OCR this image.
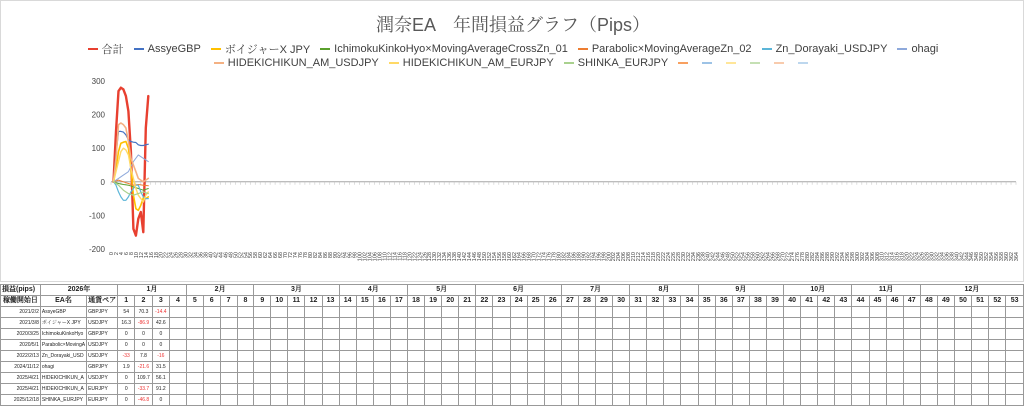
潤奈EA　年間損益グラフ（Pips）
合計 AssyeGBP ボイジャーX JPY IchimokuKinkoHyo×MovingAverageCrossZn_01 Parabolic×MovingAverageZn_02 Zn_Dorayaki_USDJPY ohagi
HIDEKICHIKUN_AM_USDJPY HIDEKICHIKUN_AM_EURJPY SHINKA_EURJPY
300
200
100
0
-100
-200 0
2
4
6
8
10
12
14
16
18
20
22
24
26
28
30
32
34
36
38
40
42
44
46
48
50
52
54
56
58
60
62
64
66
68
70
72
74
76
78
80
82
84
86
88
90
92
94
96
98
100
102
104
106
108
110
112
114
116
118
120
122
124
126
128
130
132
134
136
138
140
142
144
146
148
150
152
154
156
158
160
162
164
166
168
170
172
174
176
178
180
182
184
186
188
190
192
194
196
198
200
202
204
206
208
210
212
214
216
218
220
222
224
226
228
230
232
234
236
238
240
242
244
246
248
250
252
254
256
258
260
262
264
266
268
270
272
274
276
278
280
282
284
286
288
290
292
294
296
298
300
302
304
306
308
310
312
314
316
318
320
322
324
326
328
330
332
334
336
338
340
342
344
346
348
350
352
354
356
358
360
362
364
損益(pips)	2026年		1月				2月				3月					4月				5月				6月					7月				8月				9月					10月				11月				12月					
稼働開始日	EA名	通貨ペア	1	2	3	4	5	6	7	8	9	10	11	12	13	14	15	16	17	18	19	20	21	22	23	24	25	26	27	28	29	30	31	32	33	34	35	36	37	38	39	40	41	42	43	44	45	46	47	48	49	50	51	52	53
2021/2/2	AssyeGBP	GBPJPY	54	70.3	-14.4																																																		
2021/3/8	ボイジャーX JPY	USDJPY	16.3	-86.9	42.6																																																		
2020/3/25	IchimokuKinkoHyo	GBPJPY	0	0	0																																																		
2020/5/1	Parabolic×MovingA	USDJPY	0	0	0																																																		
2022/2/13	Zn_Dorayaki_USD	USDJPY	-33	7.8	-16																																																		
2024/11/12	ohagi	GBPJPY	1.9	-21.6	31.5																																																		
2025/4/21	HIDEKICHIKUN_A	USDJPY	0	109.7	56.1																																																		
2025/4/21	HIDEKICHIKUN_A	EURJPY	0	-33.7	91.2																																																		
2025/12/18	SHINKA_EURJPY	EURJPY	0	-46.8	0																																																		
